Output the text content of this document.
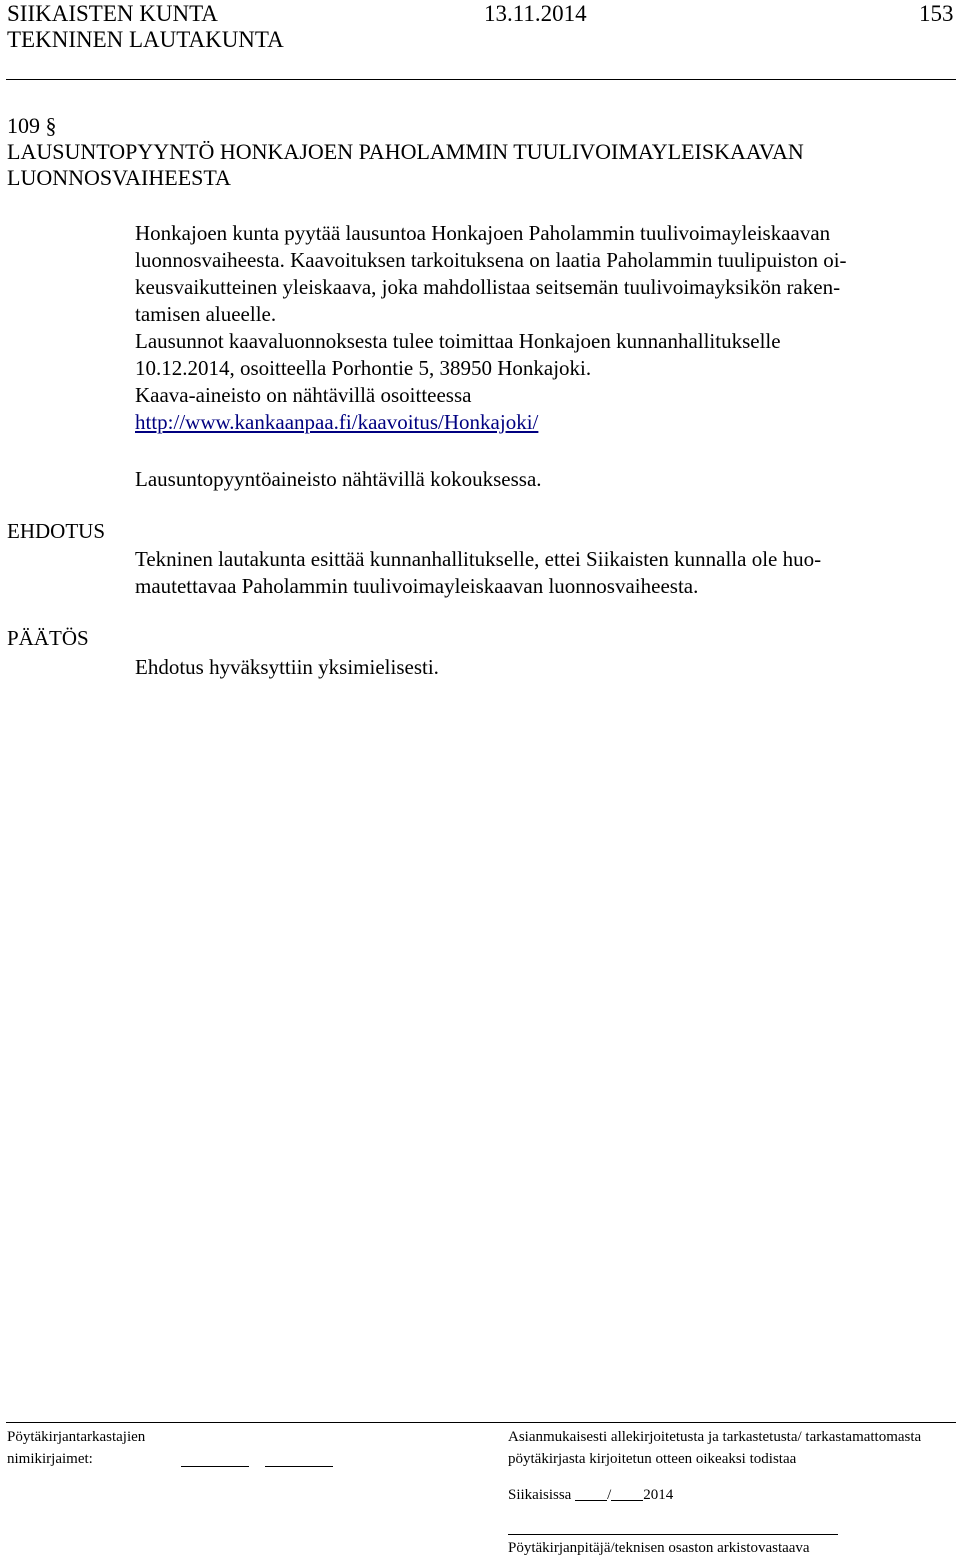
SIIKAISTEN KUNTA	13.11.2014	153
TEKNINEN LAUTAKUNTA
109 §
LAUSUNTOPYYNTÖ HONKAJOEN PAHOLAMMIN TUULIVOIMAYLEISKAAVAN
LUONNOSVAIHEESTA
Honkajoen kunta pyytää lausuntoa Honkajoen Paholammin tuulivoimayleiskaavan
luonnosvaiheesta. Kaavoituksen tarkoituksena on laatia Paholammin tuulipuiston oi-
keusvaikutteinen yleiskaava, joka mahdollistaa seitsemän tuulivoimayksikön raken-
tamisen alueelle.
Lausunnot kaavaluonnoksesta tulee toimittaa Honkajoen kunnanhallitukselle
10.12.2014, osoitteella Porhontie 5, 38950 Honkajoki.
Kaava-aineisto on nähtävillä osoitteessa
http://www.kankaanpaa.fi/kaavoitus/Honkajoki/
Lausuntopyyntöaineisto nähtävillä kokouksessa.
EHDOTUS
Tekninen lautakunta esittää kunnanhallitukselle, ettei Siikaisten kunnalla ole huo-
mautettavaa Paholammin tuulivoimayleiskaavan luonnosvaiheesta.
PÄÄTÖS
Ehdotus hyväksyttiin yksimielisesti.
Pöytäkirjantarkastajien
nimikirjaimet:
Asianmukaisesti allekirjoitetusta ja tarkastetusta/ tarkastamattomasta
pöytäkirjasta kirjoitetun otteen oikeaksi todistaa
Siikaisissa / 2014
Pöytäkirjanpitäjä/teknisen osaston arkistovastaava
